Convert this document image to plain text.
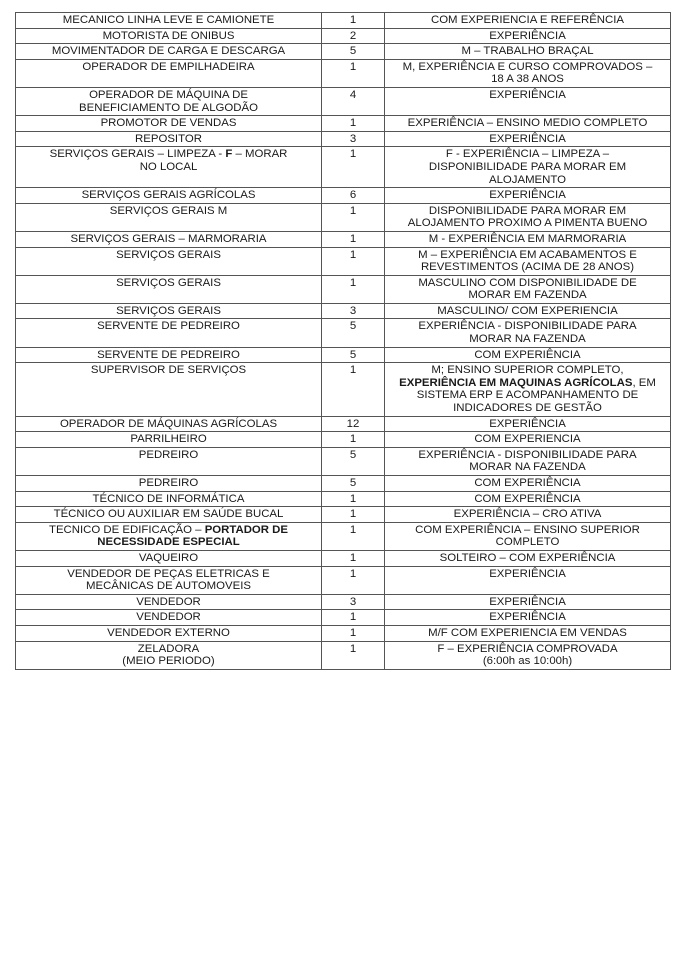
MECANICO LINHA LEVE E CAMIONETE	1	COM EXPERIENCIA E REFERÊNCIA

MOTORISTA DE ONIBUS	2	EXPERIÊNCIA

MOVIMENTADOR DE CARGA E DESCARGA	5	M – TRABALHO BRAÇAL

OPERADOR DE EMPILHADEIRA	1	M, EXPERIÊNCIA E CURSO COMPROVADOS –
18 A 38 ANOS

OPERADOR DE MÁQUINA DE
BENEFICIAMENTO DE ALGODÃO	4	EXPERIÊNCIA

PROMOTOR DE VENDAS	1	EXPERIÊNCIA – ENSINO MEDIO COMPLETO

REPOSITOR	3	EXPERIÊNCIA

SERVIÇOS GERAIS – LIMPEZA - F – MORAR
NO LOCAL	1	F - EXPERIÊNCIA – LIMPEZA –
DISPONIBILIDADE PARA MORAR EM
ALOJAMENTO

SERVIÇOS GERAIS AGRÍCOLAS	6	EXPERIÊNCIA

SERVIÇOS GERAIS M	1	DISPONIBILIDADE PARA MORAR EM
ALOJAMENTO PROXIMO A PIMENTA BUENO

SERVIÇOS GERAIS – MARMORARIA	1	M - EXPERIÊNCIA EM MARMORARIA

SERVIÇOS GERAIS	1	M – EXPERIÊNCIA EM ACABAMENTOS E
REVESTIMENTOS (ACIMA DE 28 ANOS)

SERVIÇOS GERAIS	1	MASCULINO COM DISPONIBILIDADE DE
MORAR EM FAZENDA

SERVIÇOS GERAIS	3	MASCULINO/ COM EXPERIENCIA

SERVENTE DE PEDREIRO	5	EXPERIÊNCIA - DISPONIBILIDADE PARA
MORAR NA FAZENDA

SERVENTE DE PEDREIRO	5	COM EXPERIÊNCIA

SUPERVISOR DE SERVIÇOS	1	M; ENSINO SUPERIOR COMPLETO,
EXPERIÊNCIA EM MAQUINAS AGRÍCOLAS, EM
SISTEMA ERP E ACOMPANHAMENTO DE
INDICADORES DE GESTÃO

OPERADOR DE MÁQUINAS AGRÍCOLAS	12	EXPERIÊNCIA

PARRILHEIRO	1	COM EXPERIENCIA

PEDREIRO	5	EXPERIÊNCIA - DISPONIBILIDADE PARA
MORAR NA FAZENDA

PEDREIRO	5	COM EXPERIÊNCIA

TÉCNICO DE INFORMÁTICA	1	COM EXPERIÊNCIA

TÉCNICO OU AUXILIAR EM SAÚDE BUCAL	1	EXPERIÊNCIA – CRO ATIVA

TECNICO DE EDIFICAÇÃO – PORTADOR DE
NECESSIDADE ESPECIAL	1	COM EXPERIÊNCIA – ENSINO SUPERIOR
COMPLETO

VAQUEIRO	1	SOLTEIRO – COM EXPERIÊNCIA

VENDEDOR DE PEÇAS ELETRICAS E
MECÂNICAS DE AUTOMOVEIS	1	EXPERIÊNCIA

VENDEDOR	3	EXPERIÊNCIA

VENDEDOR	1	EXPERIÊNCIA

VENDEDOR EXTERNO	1	M/F COM EXPERIENCIA EM VENDAS

ZELADORA
(MEIO PERIODO)	1	F – EXPERIÊNCIA COMPROVADA
(6:00h as 10:00h)
